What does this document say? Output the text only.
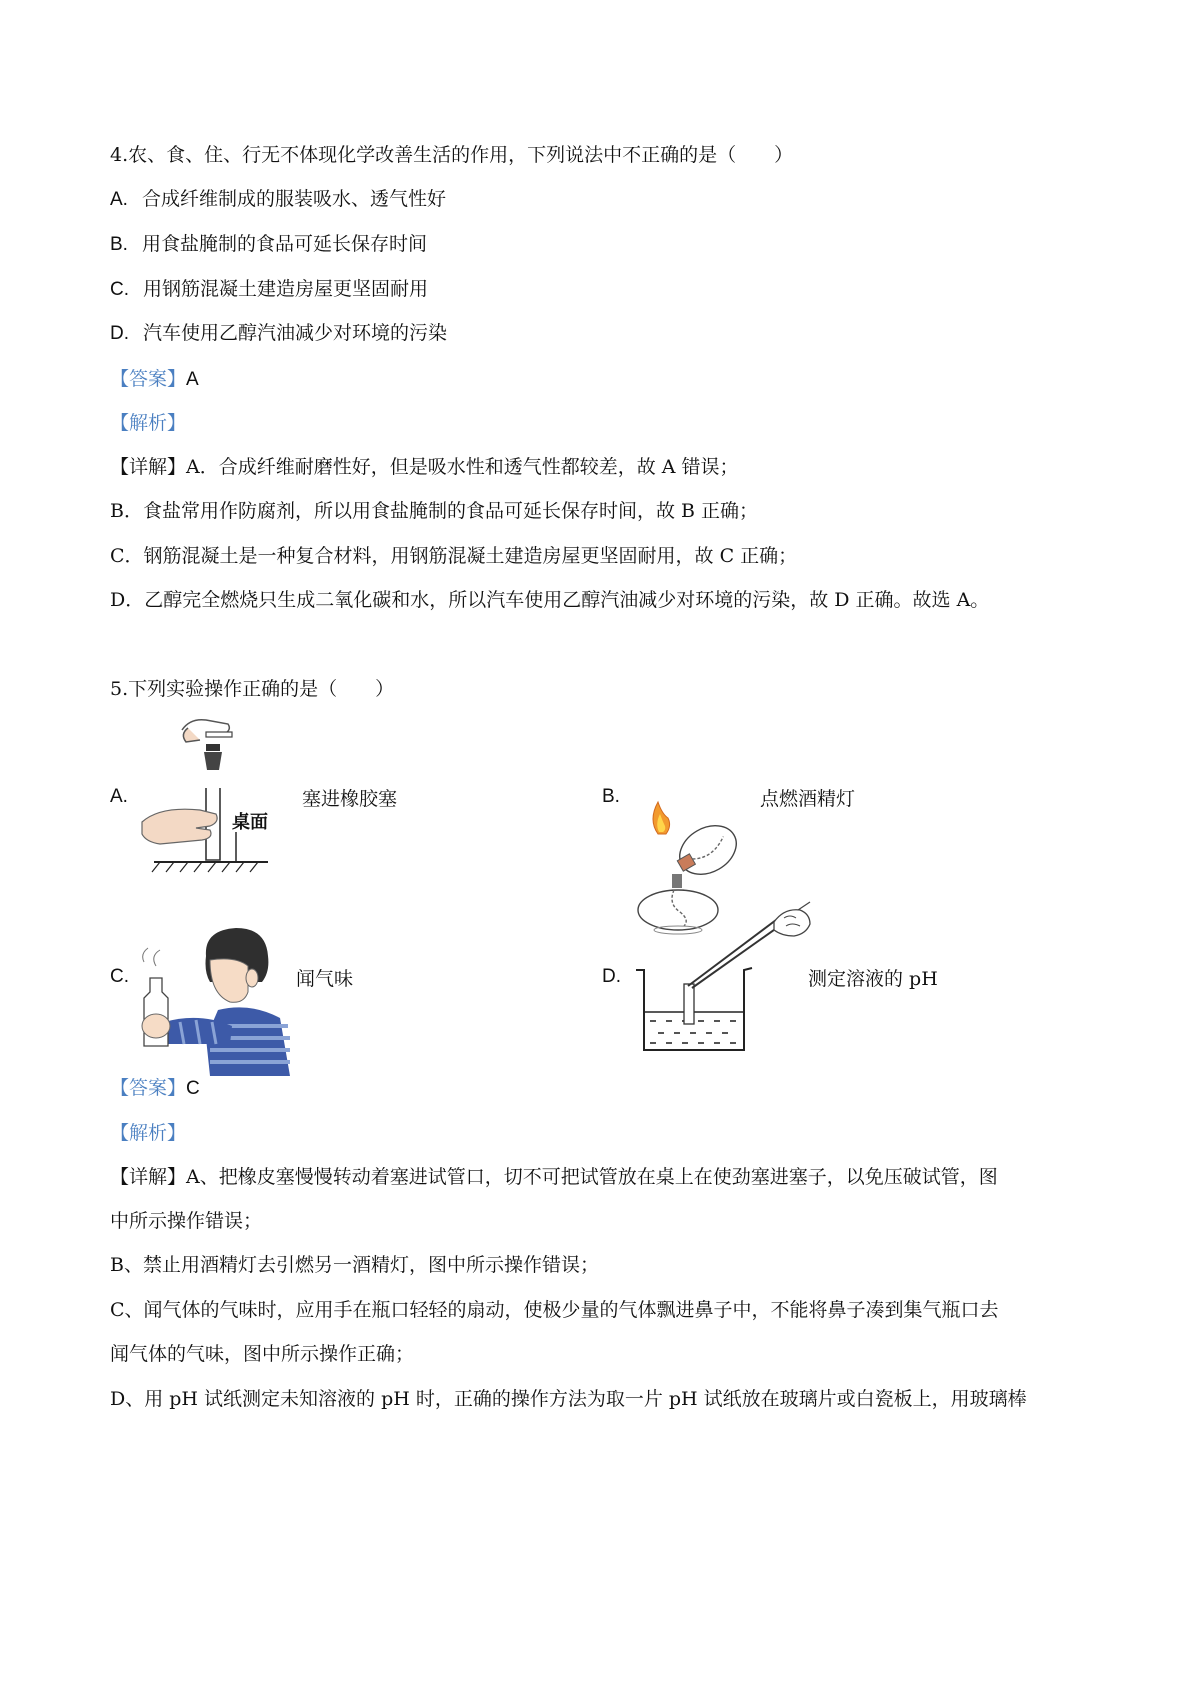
4.农、食、住、行无不体现化学改善生活的作用，下列说法中不正确的是（　　）
A. 合成纤维制成的服装吸水、透气性好
B. 用食盐腌制的食品可延长保存时间
C. 用钢筋混凝土建造房屋更坚固耐用
D. 汽车使用乙醇汽油减少对环境的污染
【答案】A
【解析】
【详解】A．合成纤维耐磨性好，但是吸水性和透气性都较差，故 A 错误；
B．食盐常用作防腐剂，所以用食盐腌制的食品可延长保存时间，故 B 正确；
C．钢筋混凝土是一种复合材料，用钢筋混凝土建造房屋更坚固耐用，故 C 正确；
D．乙醇完全燃烧只生成二氧化碳和水，所以汽车使用乙醇汽油减少对环境的污染，故 D 正确。故选 A。
5.下列实验操作正确的是（　　）
A.
桌面
塞进橡胶塞	B.	点燃酒精灯
C.	闻气味	D.	测定溶液的 pH
【答案】C
【解析】
【详解】A、把橡皮塞慢慢转动着塞进试管口，切不可把试管放在桌上在使劲塞进塞子，以免压破试管，图
中所示操作错误；
B、禁止用酒精灯去引燃另一酒精灯，图中所示操作错误；
C、闻气体的气味时，应用手在瓶口轻轻的扇动，使极少量的气体飘进鼻子中，不能将鼻子凑到集气瓶口去
闻气体的气味，图中所示操作正确；
D、用 pH 试纸测定未知溶液的 pH 时，正确的操作方法为取一片 pH 试纸放在玻璃片或白瓷板上，用玻璃棒
